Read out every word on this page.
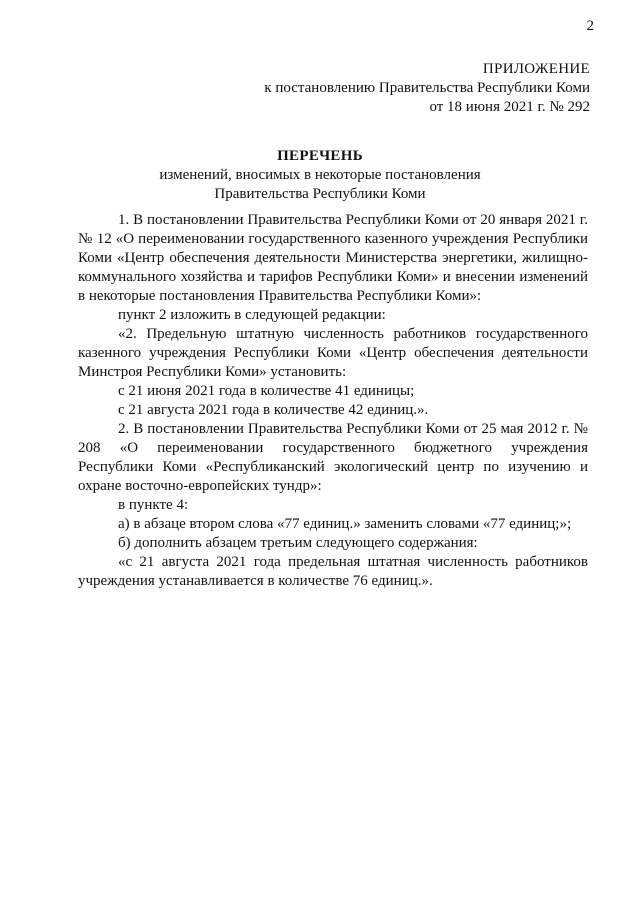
2
ПРИЛОЖЕНИЕ
к постановлению Правительства Республики Коми
от 18 июня 2021 г. № 292
ПЕРЕЧЕНЬ
изменений, вносимых в некоторые постановления
Правительства Республики Коми

1. В постановлении Правительства Республики Коми от 20 января 2021 г. № 12 «О переименовании государственного казенного учреждения Республики Коми «Центр обеспечения деятельности Министерства энергетики, жилищно-коммунального хозяйства и тарифов Республики Коми» и внесении изменений в некоторые постановления Правительства Республики Коми»:

пункт 2 изложить в следующей редакции:

«2. Предельную штатную численность работников государственного казенного учреждения Республики Коми «Центр обеспечения деятельности Минстроя Республики Коми» установить:

с 21 июня 2021 года в количестве 41 единицы;

с 21 августа 2021 года в количестве 42 единиц.».

2. В постановлении Правительства Республики Коми от 25 мая 2012 г. № 208 «О переименовании государственного бюджетного учреждения Республики Коми «Республиканский экологический центр по изучению и охране восточно-европейских тундр»:

в пункте 4:

а) в абзаце втором слова «77 единиц.» заменить словами «77 единиц;»;

б) дополнить абзацем третьим следующего содержания:

«с 21 августа 2021 года предельная штатная численность работников учреждения устанавливается в количестве 76 единиц.».
